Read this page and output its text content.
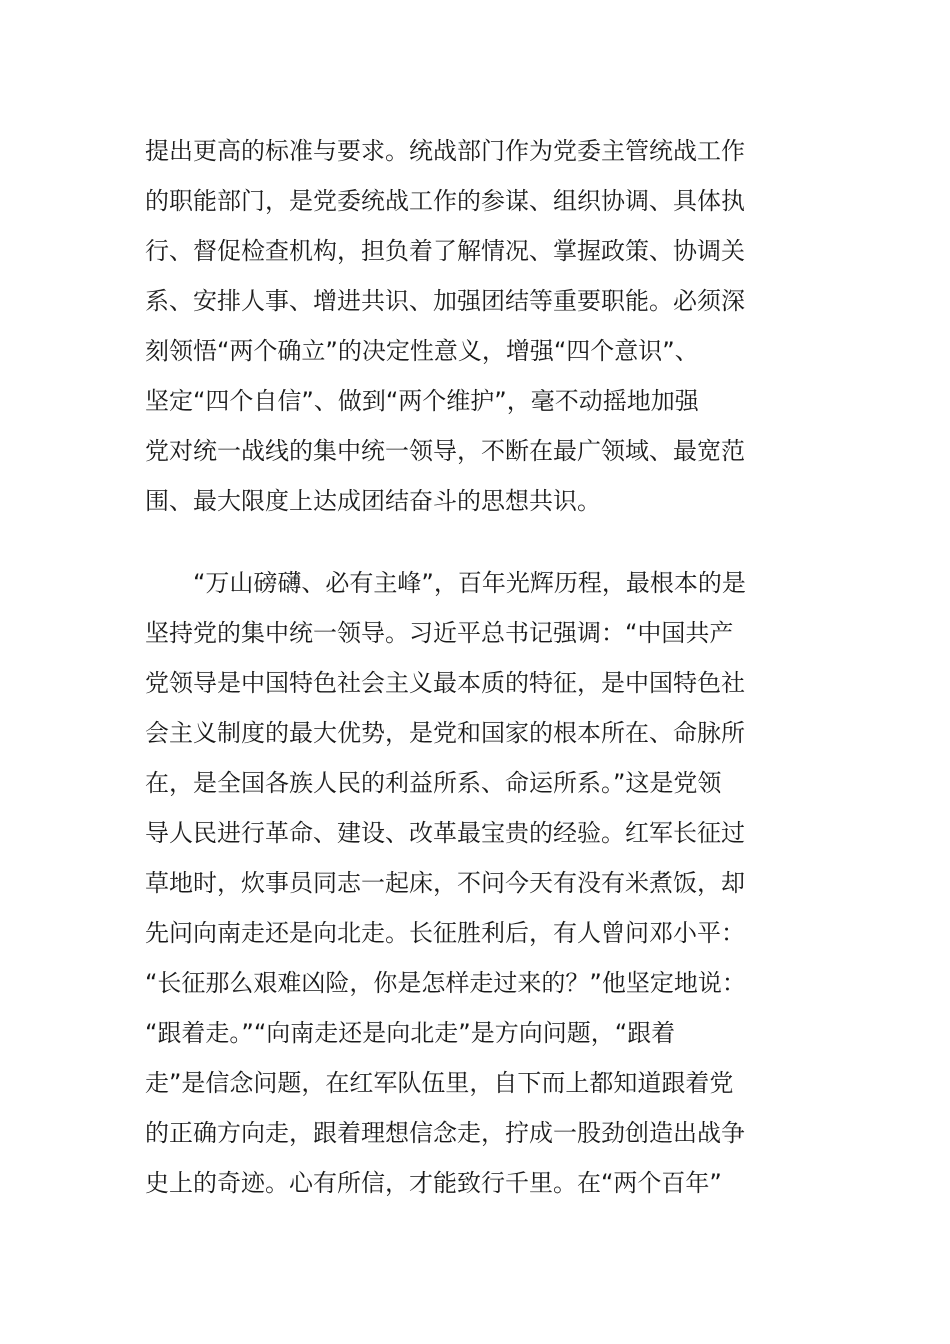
提出更高的标准与要求。统战部门作为党委主管统战工作
的职能部门，是党委统战工作的参谋、组织协调、具体执
行、督促检查机构，担负着了解情况、掌握政策、协调关
系、安排人事、增进共识、加强团结等重要职能。必须深
刻领悟“两个确立”的决定性意义，增强“四个意识”、
坚定“四个自信”、做到“两个维护”，毫不动摇地加强
党对统一战线的集中统一领导，不断在最广领域、最宽范
围、最大限度上达成团结奋斗的思想共识。
　　“万山磅礴、必有主峰”，百年光辉历程，最根本的是
坚持党的集中统一领导。习近平总书记强调：“中国共产
党领导是中国特色社会主义最本质的特征，是中国特色社
会主义制度的最大优势，是党和国家的根本所在、命脉所
在，是全国各族人民的利益所系、命运所系。”这是党领
导人民进行革命、建设、改革最宝贵的经验。红军长征过
草地时，炊事员同志一起床，不问今天有没有米煮饭，却
先问向南走还是向北走。长征胜利后，有人曾问邓小平：
“长征那么艰难凶险，你是怎样走过来的？”他坚定地说：
“跟着走。”“向南走还是向北走”是方向问题，“跟着
走”是信念问题，在红军队伍里，自下而上都知道跟着党
的正确方向走，跟着理想信念走，拧成一股劲创造出战争
史上的奇迹。心有所信，才能致行千里。在“两个百年”
